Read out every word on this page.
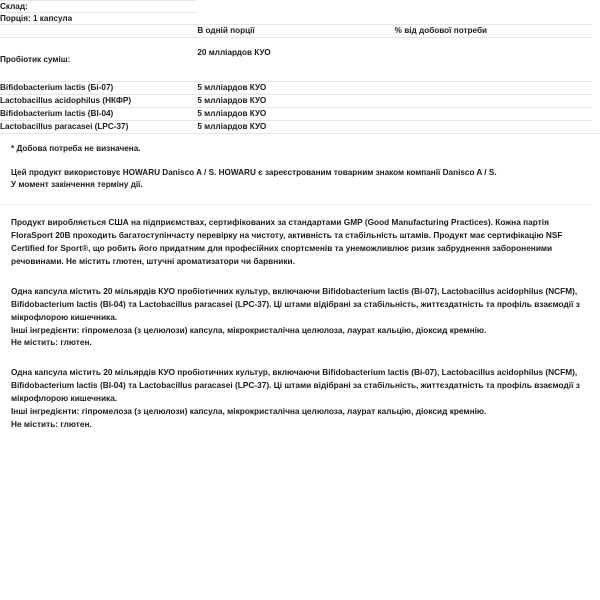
Склад:		
Порція: 1 капсула		
	В одній порції	% від добової потреби
Пробіотик суміш:	20 мллiардов КУО	
Bifidobacterium lactis (Бi-07)	5 мллiардов КУО	
Lactobacillus acidophilus (НКФР)	5 мллiардов КУО	
Bifidobacterium lactis (BI-04)	5 мллiардов КУО	
Lactobacillus paracasei (LPC-37)	5 мллiардов КУО	
* Добова потреба не визначена.

Цей продукт використовує HOWARU Danisco A / S. HOWARU є зареєстрованим товарним знаком компанії Danisco A / S.

У момент закінчення терміну дії.

Продукт виробляється США на підприємствах, сертифікованих за стандартами GMP (Good Manufacturing Practices). Кожна партія FloraSport 20B проходить багатоступінчасту перевірку на чистоту, активність та стабільність штамів. Продукт має сертифікацію NSF Certified for Sport®, що робить його придатним для професійних спортсменів та унеможливлює ризик забруднення забороненими речовинами. Не містить глютен, штучні ароматизатори чи барвники.

Одна капсула містить 20 мільярдів КУО пробіотичних культур, включаючи Bifidobacterium lactis (Bi-07), Lactobacillus acidophilus (NCFM), Bifidobacterium lactis (BI-04) та Lactobacillus paracasei (LPC-37). Ці штами відібрані за стабільність, життєздатність та профіль взаємодії з мікрофлорою кишечника.

Інші інгредієнти: гіпромелоза (з целюлози) капсула, мікрокристалічна целюлоза, лаурат кальцію, діоксид кремнію.

Не містить: глютен.

Одна капсула містить 20 мільярдів КУО пробіотичних культур, включаючи Bifidobacterium lactis (Bi-07), Lactobacillus acidophilus (NCFM), Bifidobacterium lactis (BI-04) та Lactobacillus paracasei (LPC-37). Ці штами відібрані за стабільність, життєздатність та профіль взаємодії з мікрофлорою кишечника.

Інші інгредієнти: гіпромелоза (з целюлози) капсула, мікрокристалічна целюлоза, лаурат кальцію, діоксид кремнію.

Не містить: глютен.
